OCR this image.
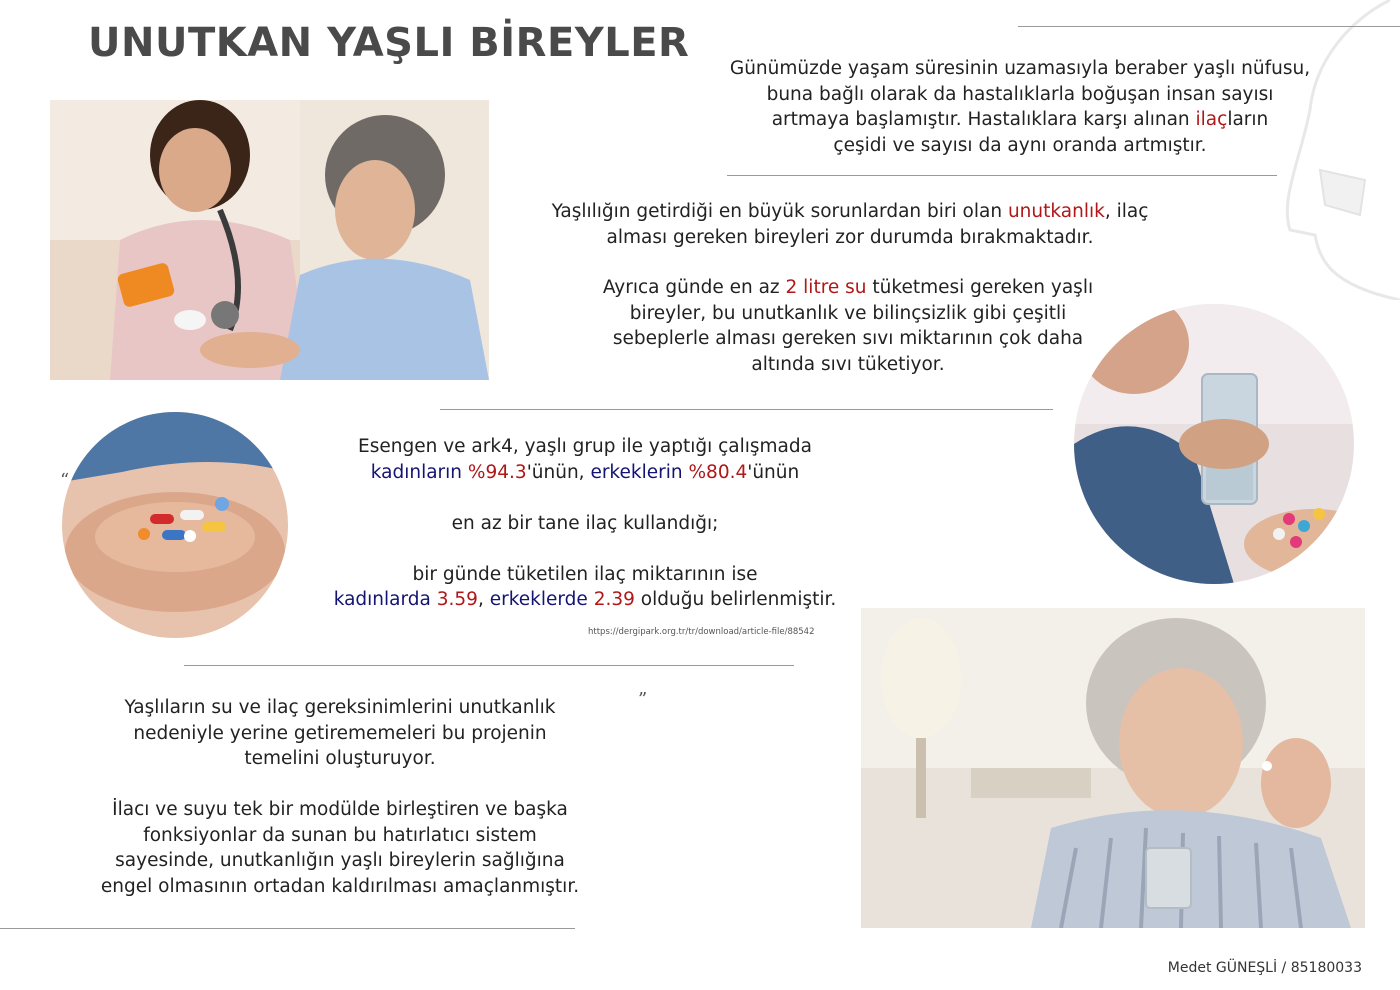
UNUTKAN YAŞLI BİREYLER
Günümüzde yaşam süresinin uzamasıyla beraber yaşlı nüfusu,
buna bağlı olarak da hastalıklarla boğuşan insan sayısı
artmaya başlamıştır. Hastalıklara karşı alınan ilaçların
çeşidi ve sayısı da aynı oranda artmıştır.
Yaşlılığın getirdiği en büyük sorunlardan biri olan unutkanlık, ilaç
alması gereken bireyleri zor durumda bırakmaktadır.
Ayrıca günde en az 2 litre su tüketmesi gereken yaşlı
bireyler, bu unutkanlık ve bilinçsizlik gibi çeşitli
sebeplerle alması gereken sıvı miktarının çok daha
altında sıvı tüketiyor.
“
Esengen ve ark4, yaşlı grup ile yaptığı çalışmada
kadınların %94.3'ünün, erkeklerin %80.4'ünün
en az bir tane ilaç kullandığı;
bir günde tüketilen ilaç miktarının ise
kadınlarda 3.59, erkeklerde 2.39 olduğu belirlenmiştir.
https://dergipark.org.tr/tr/download/article-file/88542
”
Yaşlıların su ve ilaç gereksinimlerini unutkanlık
nedeniyle yerine getirememeleri bu projenin
temelini oluşturuyor.
İlacı ve suyu tek bir modülde birleştiren ve başka
fonksiyonlar da sunan bu hatırlatıcı sistem
sayesinde, unutkanlığın yaşlı bireylerin sağlığına
engel olmasının ortadan kaldırılması amaçlanmıştır.
Medet GÜNEŞLİ / 85180033
